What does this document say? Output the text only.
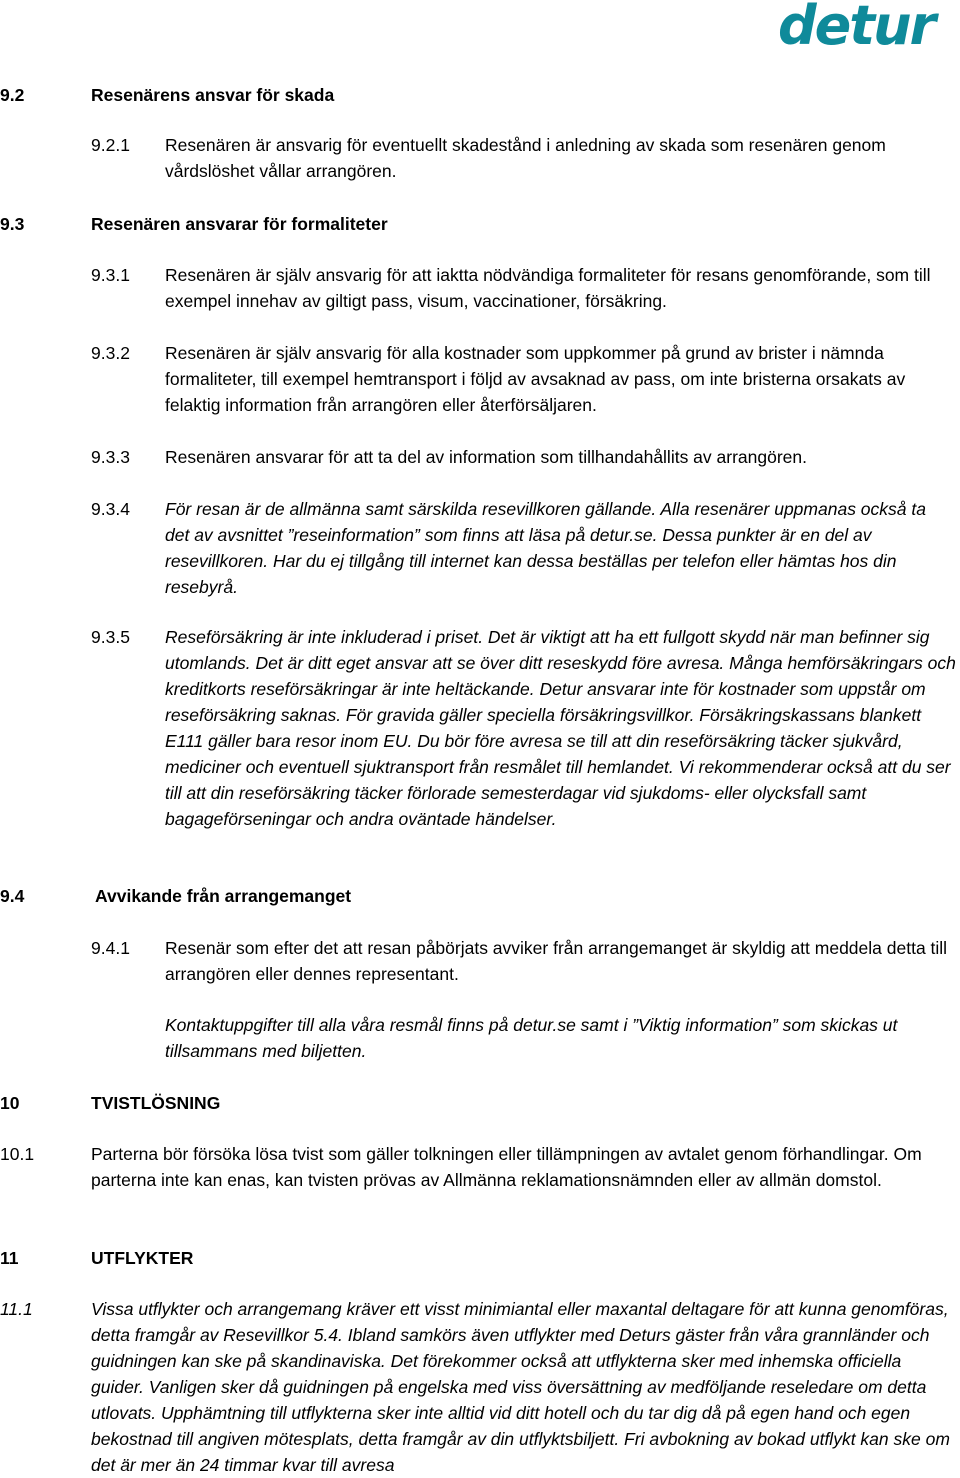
detur
9.2	Resenärens ansvar för skada
9.2.1 Resenären är ansvarig för eventuellt skadestånd i anledning av skada som resenären genom vårdslöshet vållar arrangören.

9.3	Resenären ansvarar för formaliteter
9.3.1 Resenären är själv ansvarig för att iaktta nödvändiga formaliteter för resans genomförande, som till exempel innehav av giltigt pass, visum, vaccinationer, försäkring.

9.3.2 Resenären är själv ansvarig för alla kostnader som uppkommer på grund av brister i nämnda formaliteter, till exempel hemtransport i följd av avsaknad av pass, om inte bristerna orsakats av felaktig information från arrangören eller återförsäljaren.

9.3.3 Resenären ansvarar för att ta del av information som tillhandahållits av arrangören.

9.3.4 För resan är de allmänna samt särskilda resevillkoren gällande. Alla resenärer uppmanas också ta det av avsnittet ”reseinformation” som finns att läsa på detur.se. Dessa punkter är en del av resevillkoren. Har du ej tillgång till internet kan dessa beställas per telefon eller hämtas hos din resebyrå.

9.3.5 Reseförsäkring är inte inkluderad i priset. Det är viktigt att ha ett fullgott skydd när man befinner sig utomlands. Det är ditt eget ansvar att se över ditt reseskydd före avresa. Många hemförsäkringars och kreditkorts reseförsäkringar är inte heltäckande. Detur ansvarar inte för kostnader som uppstår om reseförsäkring saknas. För gravida gäller speciella försäkringsvillkor. Försäkringskassans blankett E111 gäller bara resor inom EU. Du bör före avresa se till att din reseförsäkring täcker sjukvård, mediciner och eventuell sjuktransport från resmålet till hemlandet. Vi rekommenderar också att du ser till att din reseförsäkring täcker förlorade semesterdagar vid sjukdoms- eller olycksfall samt bagageförseningar och andra oväntade händelser.

9.4	Avvikande från arrangemanget
9.4.1 Resenär som efter det att resan påbörjats avviker från arrangemanget är skyldig att meddela detta till arrangören eller dennes representant.

Kontaktuppgifter till alla våra resmål finns på detur.se samt i ”Viktig information” som skickas ut tillsammans med biljetten.

10	TVISTLÖSNING
10.1	Parterna bör försöka lösa tvist som gäller tolkningen eller tillämpningen av avtalet genom förhandlingar. Om parterna inte kan enas, kan tvisten prövas av Allmänna reklamationsnämnden eller av allmän domstol.

11	UTFLYKTER
11.1	Vissa utflykter och arrangemang kräver ett visst minimiantal eller maxantal deltagare för att kunna genomföras, detta framgår av Resevillkor 5.4. Ibland samkörs även utflykter med Deturs gäster från våra grannländer och guidningen kan ske på skandinaviska. Det förekommer också att utflykterna sker med inhemska officiella guider. Vanligen sker då guidningen på engelska med viss översättning av medföljande reseledare om detta utlovats. Upphämtning till utflykterna sker inte alltid vid ditt hotell och du tar dig då på egen hand och egen bekostnad till angiven mötesplats, detta framgår av din utflyktsbiljett. Fri avbokning av bokad utflykt kan ske om det är mer än 24 timmar kvar till avresa
